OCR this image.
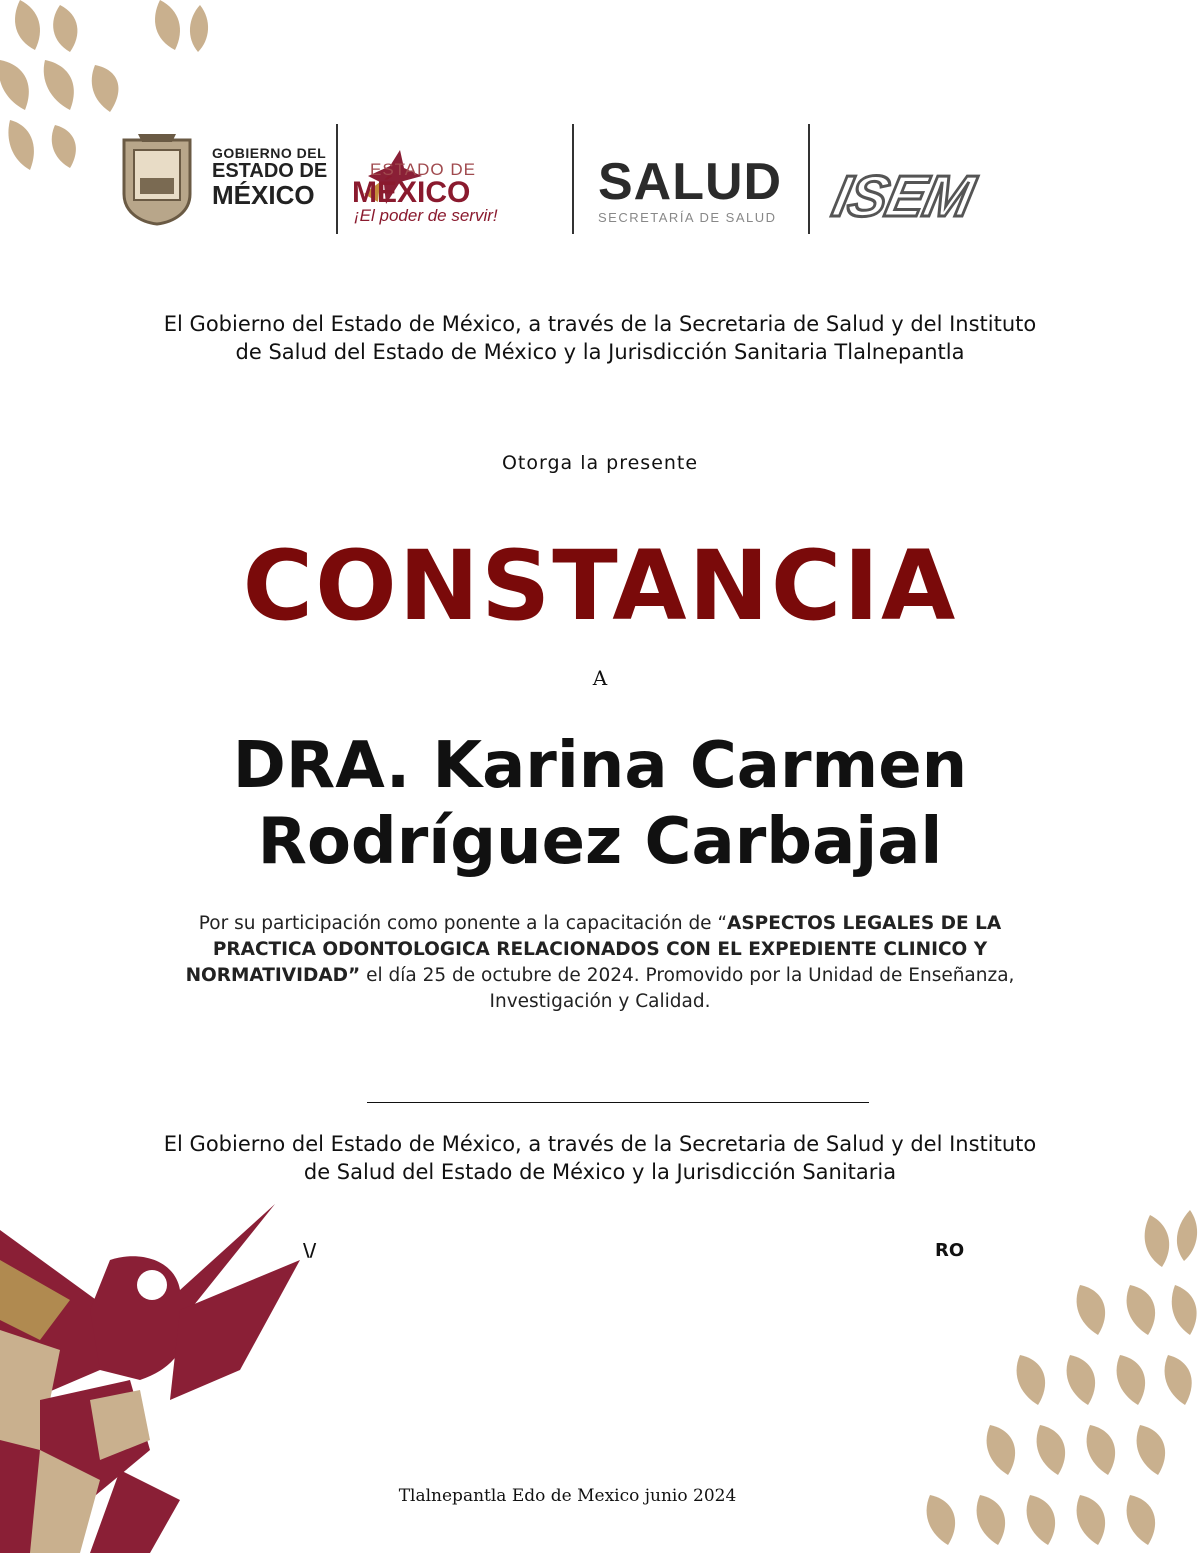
GOBIERNO DEL
ESTADO DE
MÉXICO
ESTADO DE
MÉXICO
¡El poder de servir!
SALUD
SECRETARÍA DE SALUD ISEM
El Gobierno del Estado de México, a través de la Secretaria de Salud y del Instituto de Salud del Estado de México y la Jurisdicción Sanitaria Tlalnepantla
Otorga la presente
CONSTANCIA
A
DRA. Karina Carmen
Rodríguez Carbajal
Por su participación como ponente a la capacitación de “ASPECTOS LEGALES DE LA PRACTICA ODONTOLOGICA RELACIONADOS CON EL EXPEDIENTE CLINICO Y NORMATIVIDAD” el día 25 de octubre de 2024. Promovido por la Unidad de Enseñanza, Investigación y Calidad.
El Gobierno del Estado de México, a través de la Secretaria de Salud y del Instituto de Salud del Estado de México y la Jurisdicción Sanitaria
\/	RO
Tlalnepantla Edo de Mexico junio 2024
